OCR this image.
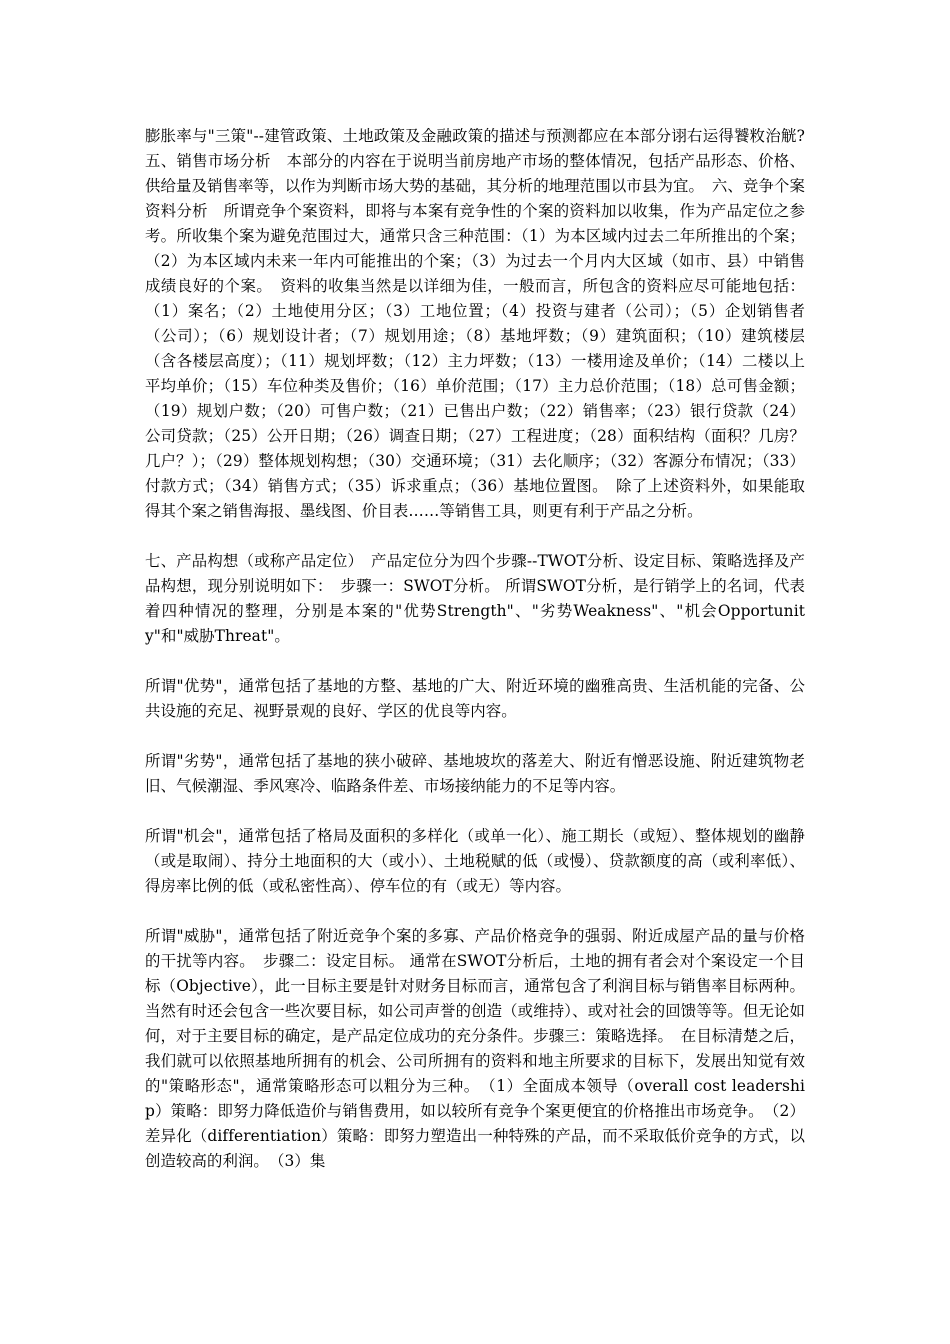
膨胀率与"三策"--建管政策、土地政策及金融政策的描述与预测都应在本部分诩右运得饕敉治觥? 五、销售市场分析　本部分的内容在于说明当前房地产市场的整体情况，包括产品形态、价格、供给量及销售率等，以作为判断市场大势的基础，其分析的地理范围以市县为宜。　六、竞争个案资料分析　所谓竞争个案资料，即将与本案有竞争性的个案的资料加以收集，作为产品定位之参考。所收集个案为避免范围过大，通常只含三种范围：（1）为本区域内过去二年所推出的个案；（2）为本区域内未来一年内可能推出的个案；（3）为过去一个月内大区域（如市、县）中销售成绩良好的个案。　资料的收集当然是以详细为佳，一般而言，所包含的资料应尽可能地包括：（1）案名；（2）土地使用分区；（3）工地位置；（4）投资与建者（公司）；（5）企划销售者（公司）；（6）规划设计者；（7）规划用途；（8）基地坪数；（9）建筑面积；（10）建筑楼层（含各楼层高度）；（11）规划坪数；（12）主力坪数；（13）一楼用途及单价；（14）二楼以上平均单价；（15）车位种类及售价；（16）单价范围；（17）主力总价范围；（18）总可售金额；（19）规划户数；（20）可售户数；（21）已售出户数；（22）销售率；（23）银行贷款（24）公司贷款；（25）公开日期；（26）调查日期；（27）工程进度；（28）面积结构（面积？几房？几户？）；（29）整体规划构想；（30）交通环境；（31）去化顺序；（32）客源分布情况；（33）付款方式；（34）销售方式；（35）诉求重点；（36）基地位置图。　除了上述资料外，如果能取得其个案之销售海报、墨线图、价目表……等销售工具，则更有利于产品之分析。

七、产品构想（或称产品定位）　产品定位分为四个步骤--TWOT分析、设定目标、策略选择及产品构想，现分别说明如下：　步骤一：SWOT分析。 所谓SWOT分析，是行销学上的名词，代表着四种情况的整理，分别是本案的"优势Strength"、"劣势Weakness"、"机会Opportunity"和"威胁Threat"。

所谓"优势"，通常包括了基地的方整、基地的广大、附近环境的幽雅高贵、生活机能的完备、公共设施的充足、视野景观的良好、学区的优良等内容。

所谓"劣势"，通常包括了基地的狭小破碎、基地坡坎的落差大、附近有憎恶设施、附近建筑物老旧、气候潮湿、季风寒冷、临路条件差、市场接纳能力的不足等内容。

所谓"机会"，通常包括了格局及面积的多样化（或单一化）、施工期长（或短）、整体规划的幽静（或是取闹）、持分土地面积的大（或小）、土地税赋的低（或慢）、贷款额度的高（或利率低）、得房率比例的低（或私密性高）、停车位的有（或无）等内容。

所谓"威胁"，通常包括了附近竞争个案的多寡、产品价格竞争的强弱、附近成屋产品的量与价格的干扰等内容。　步骤二：设定目标。 通常在SWOT分析后，土地的拥有者会对个案设定一个目标（Objective），此一目标主要是针对财务目标而言，通常包含了利润目标与销售率目标两种。当然有时还会包含一些次要目标，如公司声誉的创造（或维持）、或对社会的回馈等等。但无论如何，对于主要目标的确定，是产品定位成功的充分条件。步骤三：策略选择。　在目标清楚之后，我们就可以依照基地所拥有的机会、公司所拥有的资料和地主所要求的目标下，发展出知觉有效的"策略形态"，通常策略形态可以粗分为三种。　（1）全面成本领导（overall cost leadership）策略：即努力降低造价与销售费用，如以较所有竞争个案更便宜的价格推出市场竞争。　（2）差异化（differentiation）策略：即努力塑造出一种特殊的产品，而不采取低价竞争的方式，以创造较高的利润。　（3）集
